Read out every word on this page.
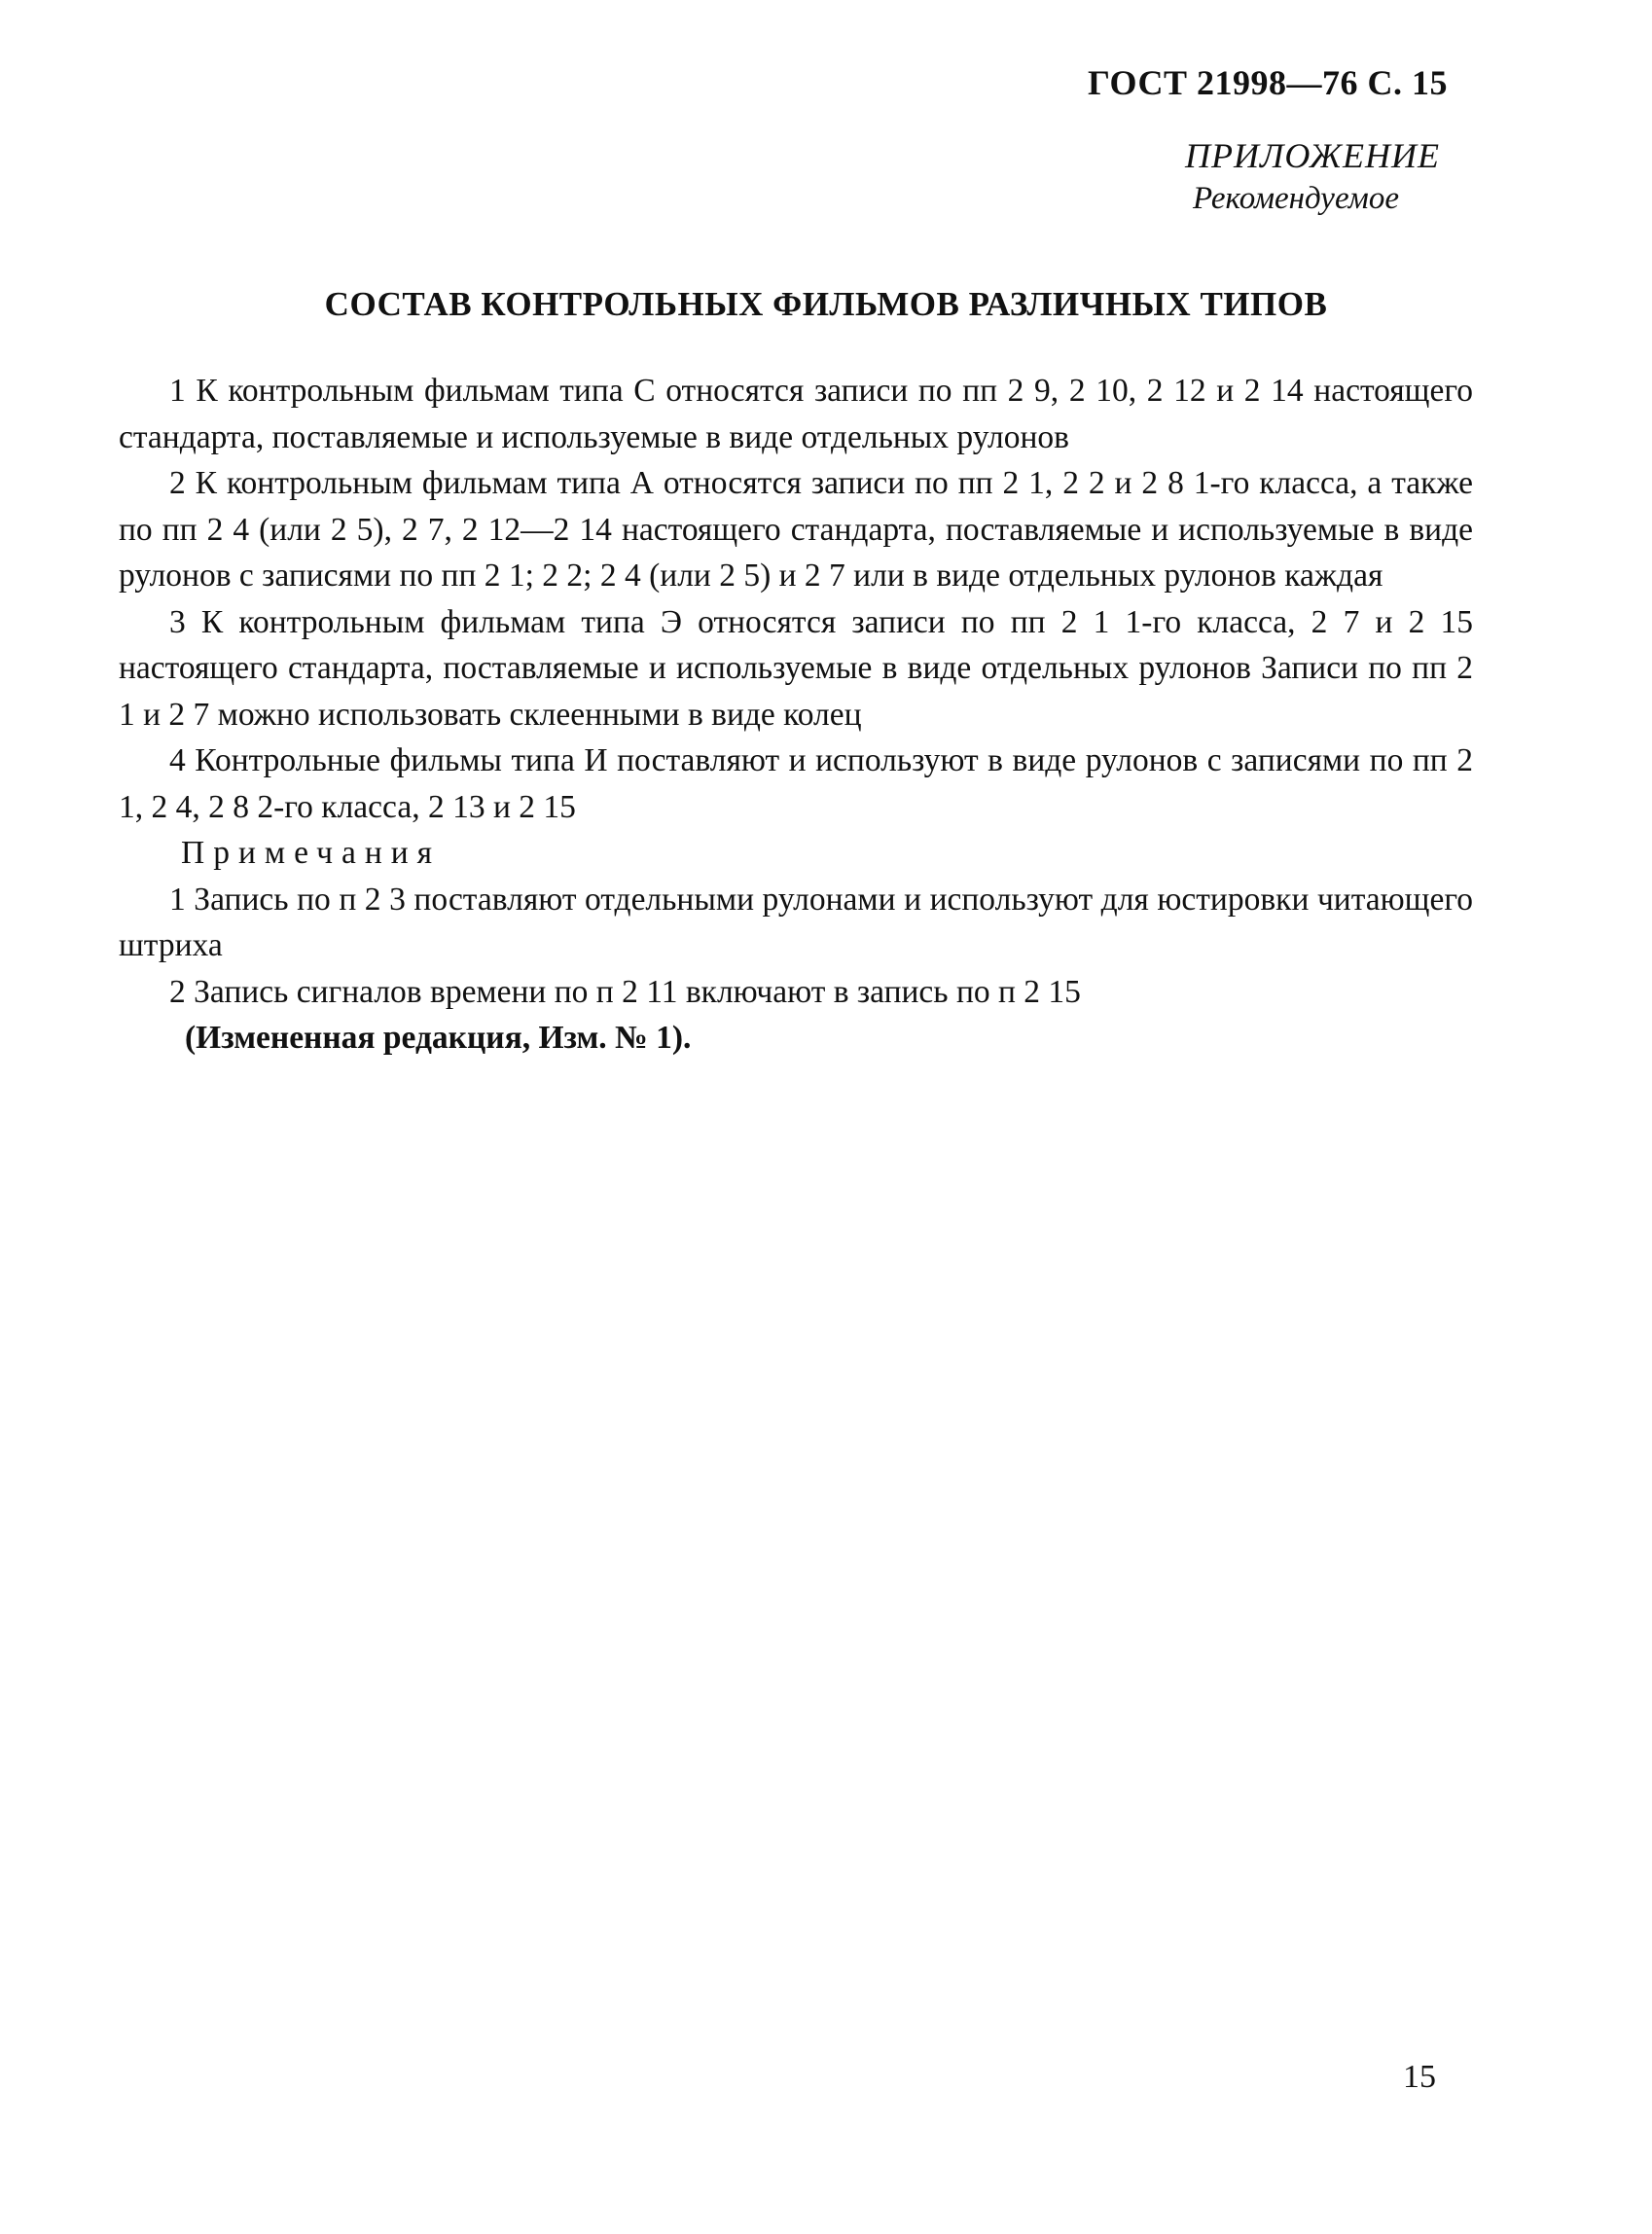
ГОСТ 21998—76 С. 15
ПРИЛОЖЕНИЕ
Рекомендуемое
СОСТАВ КОНТРОЛЬНЫХ ФИЛЬМОВ РАЗЛИЧНЫХ ТИПОВ

1 К контрольным фильмам типа С относятся записи по пп 2 9, 2 10, 2 12 и 2 14 настоящего стандарта, поставляемые и используемые в виде отдельных рулонов

2 К контрольным фильмам типа А относятся записи по пп 2 1, 2 2 и 2 8 1-го класса, а также по пп 2 4 (или 2 5), 2 7, 2 12—2 14 настоящего стандарта, поставляемые и используемые в виде рулонов с записями по пп 2 1; 2 2; 2 4 (или 2 5) и 2 7 или в виде отдельных рулонов каждая

3 К контрольным фильмам типа Э относятся записи по пп 2 1 1-го класса, 2 7 и 2 15 настоящего стандарта, поставляемые и используемые в виде отдельных рулонов Записи по пп 2 1 и 2 7 можно использовать склеенными в виде колец

4 Контрольные фильмы типа И поставляют и используют в виде рулонов с записями по пп 2 1, 2 4, 2 8 2-го класса, 2 13 и 2 15

Примечания

1 Запись по п 2 3 поставляют отдельными рулонами и используют для юстировки читающего штриха

2 Запись сигналов времени по п 2 11 включают в запись по п 2 15

(Измененная редакция, Изм. № 1).

15
